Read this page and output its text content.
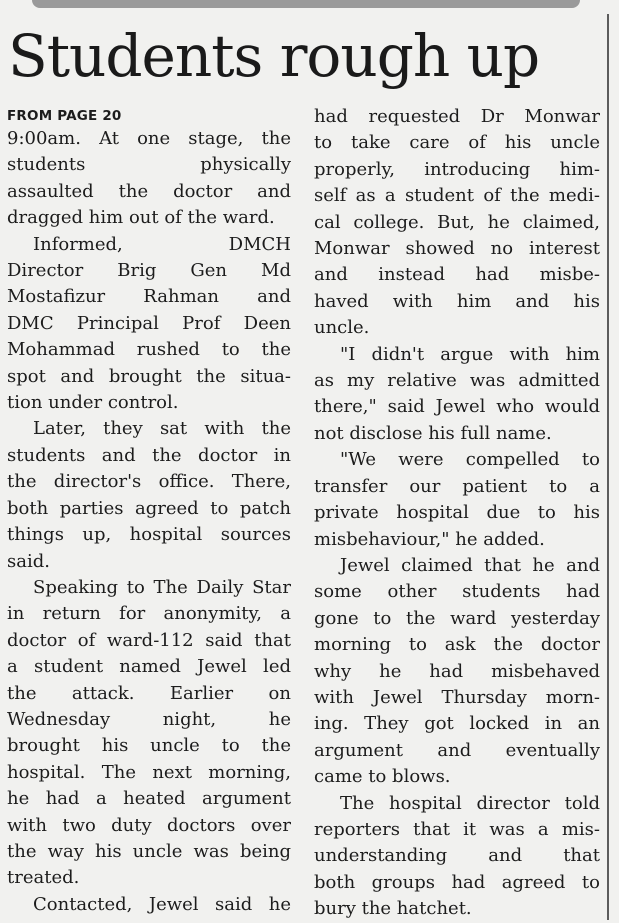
Students rough up
FROM PAGE 20

9:00am. At one stage, the
students physically
assaulted the doctor and
dragged him out of the ward.

Informed, DMCH
Director Brig Gen Md
Mostafizur Rahman and
DMC Principal Prof Deen
Mohammad rushed to the
spot and brought the situa-
tion under control.

Later, they sat with the
students and the doctor in
the director's office. There,
both parties agreed to patch
things up, hospital sources
said.

Speaking to The Daily Star
in return for anonymity, a
doctor of ward-112 said that
a student named Jewel led
the attack. Earlier on
Wednesday night, he
brought his uncle to the
hospital. The next morning,
he had a heated argument
with two duty doctors over
the way his uncle was being
treated.

Contacted, Jewel said he

had requested Dr Monwar
to take care of his uncle
properly, introducing him-
self as a student of the medi-
cal college. But, he claimed,
Monwar showed no interest
and instead had misbe-
haved with him and his
uncle.

"I didn't argue with him
as my relative was admitted
there," said Jewel who would
not disclose his full name.

"We were compelled to
transfer our patient to a
private hospital due to his
misbehaviour," he added.

Jewel claimed that he and
some other students had
gone to the ward yesterday
morning to ask the doctor
why he had misbehaved
with Jewel Thursday morn-
ing. They got locked in an
argument and eventually
came to blows.

The hospital director told
reporters that it was a mis-
understanding and that
both groups had agreed to
bury the hatchet.
